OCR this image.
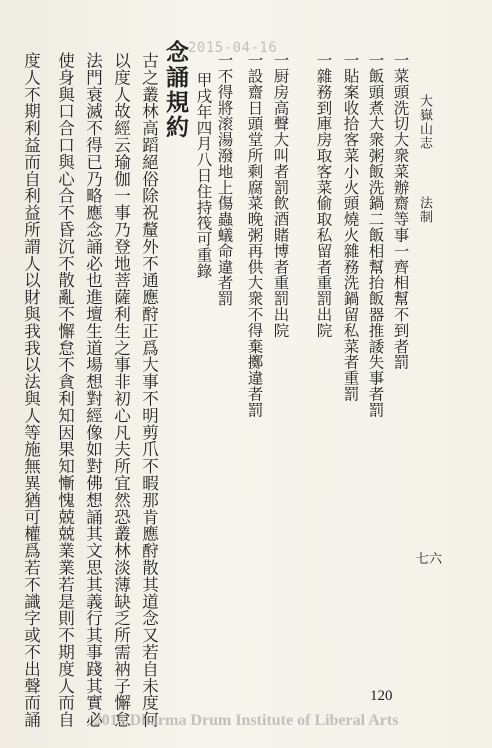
大嶽山志
法制
七六
一菜頭洗切大衆菜辦齋等事一齊相幫不到者罰
一飯頭煮大衆粥飯洗鍋二飯相幫抬飯器推諉失事者罰
一貼案收拾客菜小火頭燒火雜務洗鍋留私菜者重罰
一雜務到庫房取客菜偷取私留者重罰出院
一厨房高聲大叫者罰飲酒賭博者重罰出院
一設齋日頭堂所剩腐菜晚粥再供大衆不得棄擲違者罰
一不得將滚湯潑地上傷蟲蟻命違者罰
甲戌年四月八日住持筏可重錄
2015-04-16
念誦規約
古之叢林高蹈絕俗除祝釐外不通應酧正爲大事不明剪爪不暇那肯應酧散其道念又若自未度何
以度人故經云瑜伽一事乃登地菩薩利生之事非初心凡夫所宜然恐叢林淡薄缺乏所需衲子懈怠
法門衰滅不得已乃略應念誦必也進壇生道場想對經像如對佛想誦其文思其義行其事踐其實必
使身與口合口與心合不昏沉不散亂不懈怠不貪利知因果知慚愧兢兢業業若是則不期度人而自
度人不期利益而自利益所謂人以財與我我以法與人等施無異猶可權爲若不識字或不出聲而誦	120
2015 Dharma Drum Institute of Liberal Arts
